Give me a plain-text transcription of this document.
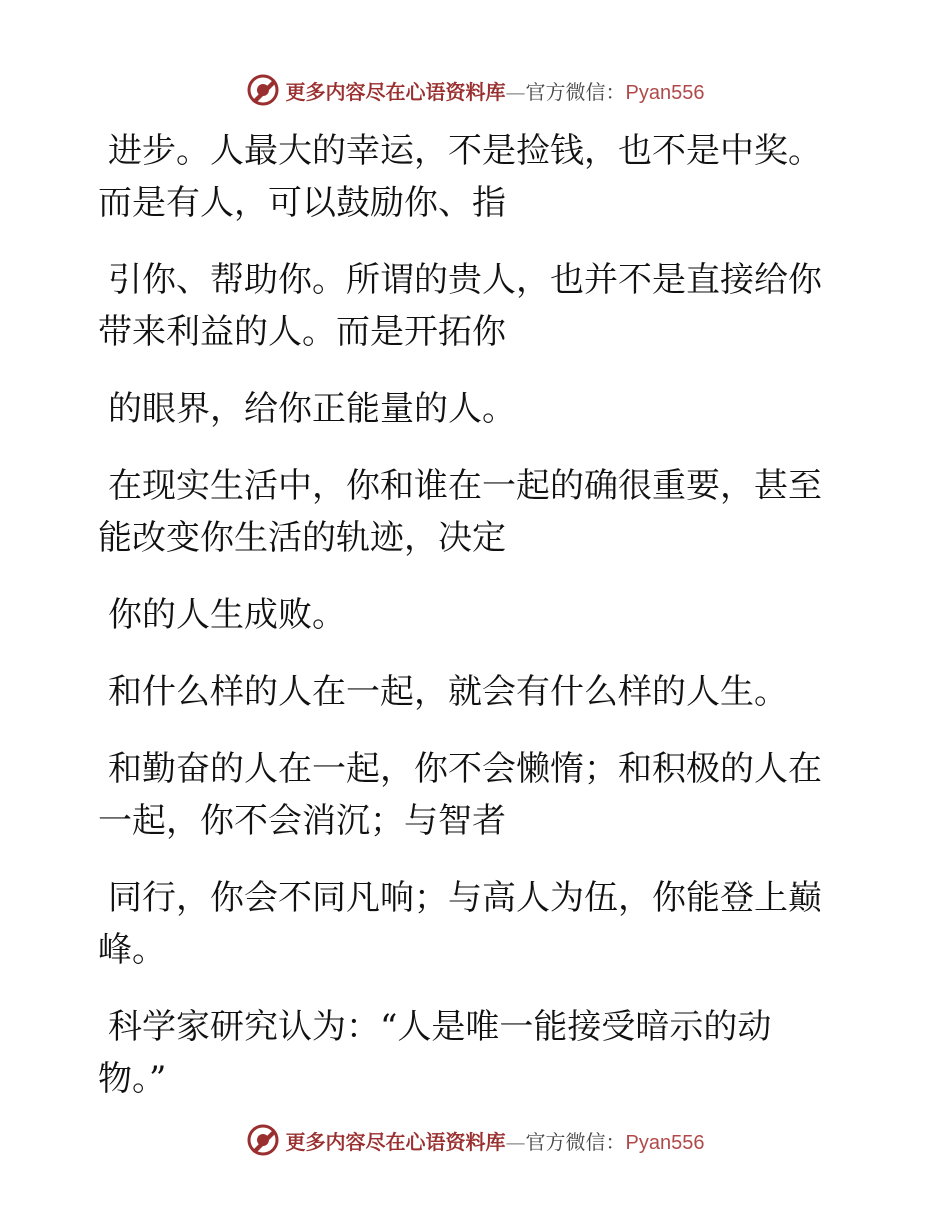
更多内容尽在心语资料库—官方微信：Pyan556

进步。人最大的幸运，不是捡钱，也不是中奖。
而是有人，可以鼓励你、指

引你、帮助你。所谓的贵人，也并不是直接给你
带来利益的人。而是开拓你

的眼界，给你正能量的人。

在现实生活中，你和谁在一起的确很重要，甚至
能改变你生活的轨迹，决定

你的人生成败。

和什么样的人在一起，就会有什么样的人生。

和勤奋的人在一起，你不会懒惰；和积极的人在
一起，你不会消沉；与智者

同行，你会不同凡响；与高人为伍，你能登上巅
峰。

科学家研究认为：“人是唯一能接受暗示的动
物。”

更多内容尽在心语资料库—官方微信：Pyan556
